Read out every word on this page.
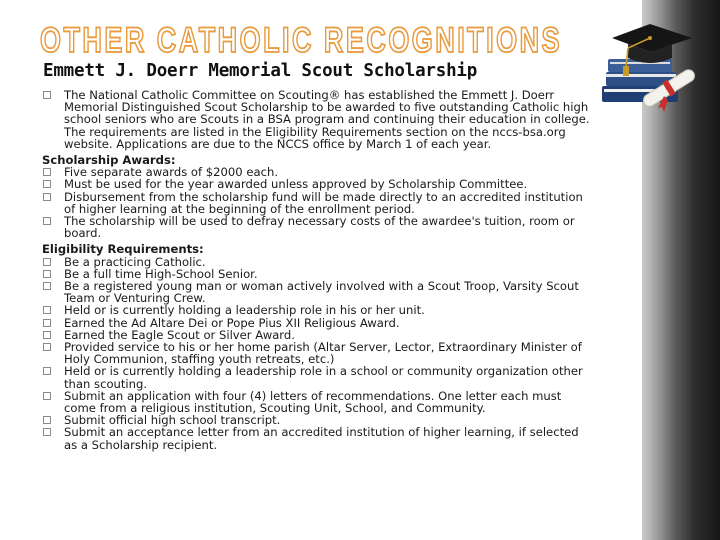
OTHER CATHOLIC RECOGNITIONS

Emmett J. Doerr Memorial Scout Scholarship

The National Catholic Committee on Scouting® has established the Emmett J. Doerr Memorial Distinguished Scout Scholarship to be awarded to five outstanding Catholic high school seniors who are Scouts in a BSA program and continuing their education in college. The requirements are listed in the Eligibility Requirements section on the nccs-bsa.org website. Applications are due to the NCCS office by March 1 of each year.

Scholarship Awards:

Five separate awards of $2000 each.

Must be used for the year awarded unless approved by Scholarship Committee.

Disbursement from the scholarship fund will be made directly to an accredited institution of higher learning at the beginning of the enrollment period.

The scholarship will be used to defray necessary costs of the awardee's tuition, room or board.

Eligibility Requirements:

Be a practicing Catholic.

Be a full time High-School Senior.

Be a registered young man or woman actively involved with a Scout Troop, Varsity Scout Team or Venturing Crew.

Held or is currently holding a leadership role in his or her unit.

Earned the Ad Altare Dei or Pope Pius XII Religious Award.

Earned the Eagle Scout or Silver Award.

Provided service to his or her home parish (Altar Server, Lector, Extraordinary Minister of Holy Communion, staffing youth retreats, etc.)

Held or is currently holding a leadership role in a school or community organization other than scouting.

Submit an application with four (4) letters of recommendations. One letter each must come from a religious institution, Scouting Unit, School, and Community.

Submit official high school transcript.

Submit an acceptance letter from an accredited institution of higher learning, if selected as a Scholarship recipient.
